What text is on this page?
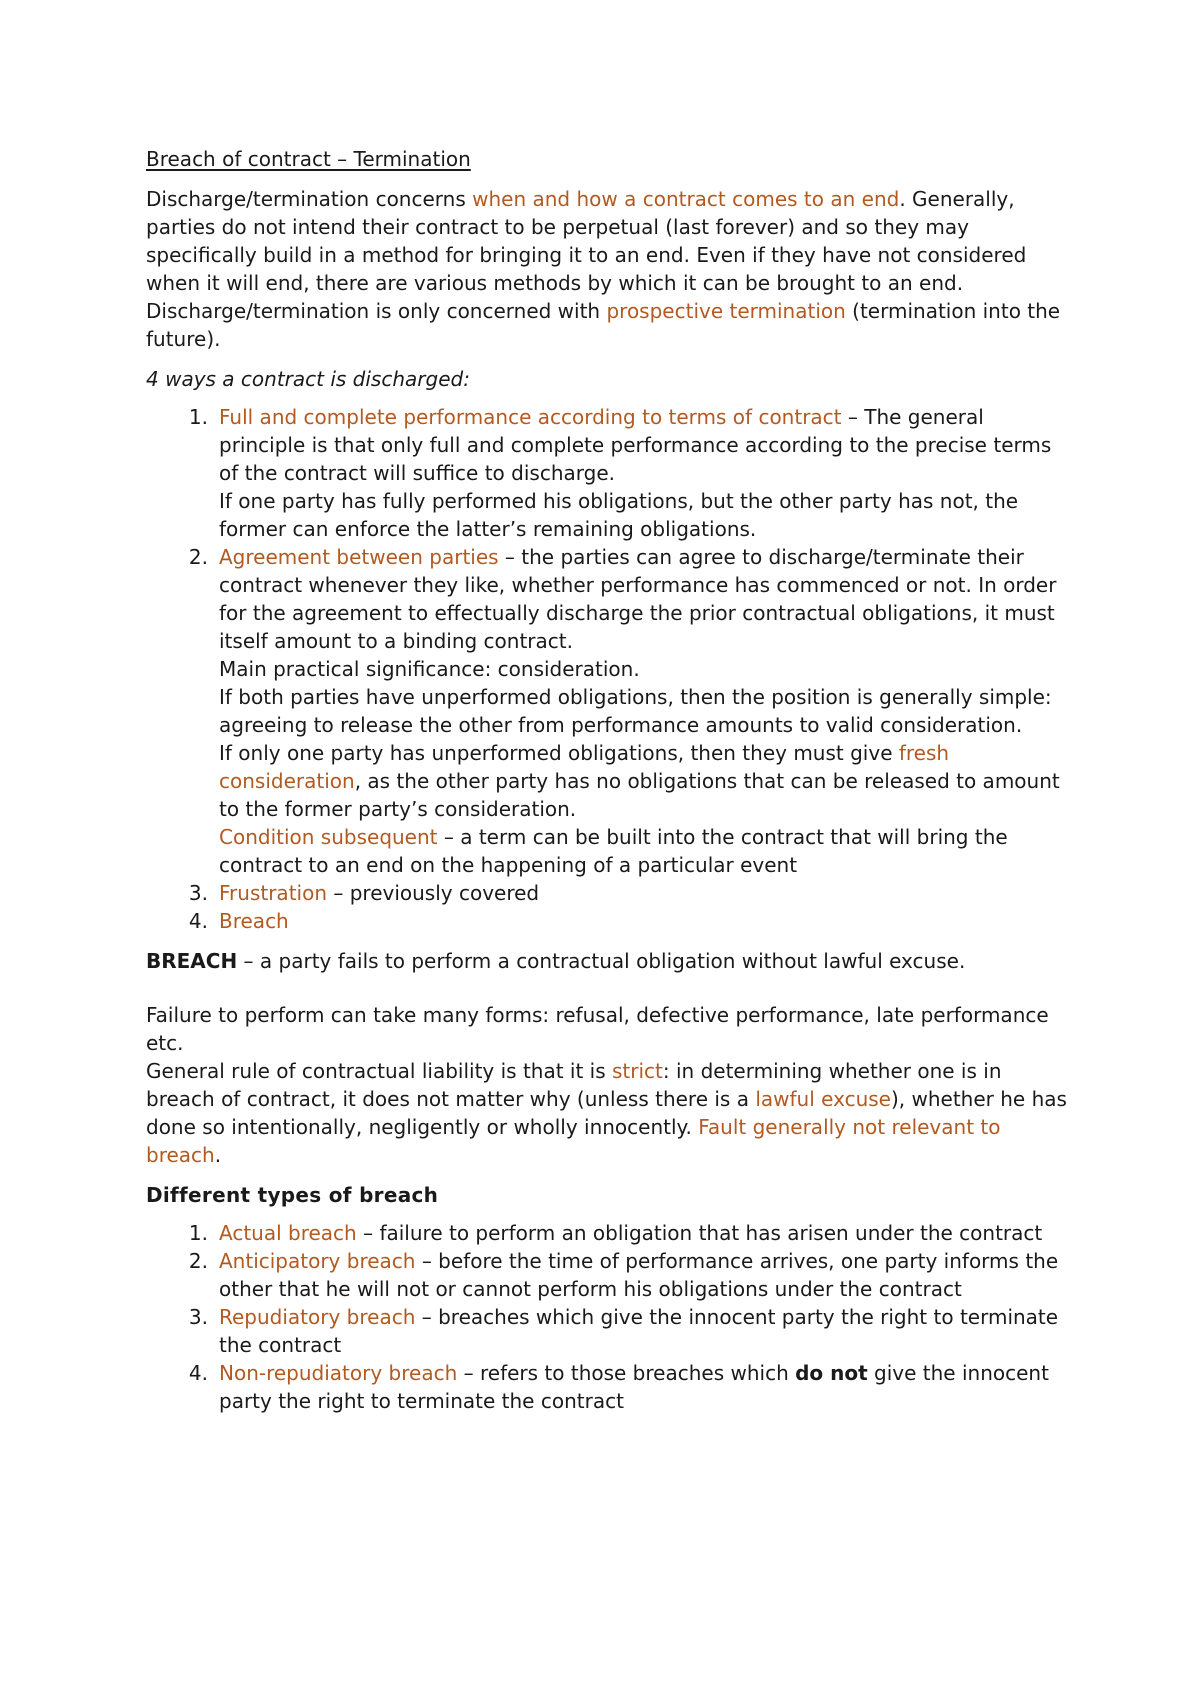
Breach of contract – Termination

Discharge/termination concerns when and how a contract comes to an end. Generally, parties do not intend their contract to be perpetual (last forever) and so they may specifically build in a method for bringing it to an end. Even if they have not considered when it will end, there are various methods by which it can be brought to an end. Discharge/termination is only concerned with prospective termination (termination into the future).

4 ways a contract is discharged:

1. Full and complete performance according to terms of contract – The general principle is that only full and complete performance according to the precise terms of the contract will suffice to discharge.
If one party has fully performed his obligations, but the other party has not, the former can enforce the latter’s remaining obligations.
2. Agreement between parties – the parties can agree to discharge/terminate their contract whenever they like, whether performance has commenced or not. In order for the agreement to effectually discharge the prior contractual obligations, it must itself amount to a binding contract.
Main practical significance: consideration.
If both parties have unperformed obligations, then the position is generally simple: agreeing to release the other from performance amounts to valid consideration.
If only one party has unperformed obligations, then they must give fresh consideration, as the other party has no obligations that can be released to amount to the former party’s consideration.
Condition subsequent – a term can be built into the contract that will bring the contract to an end on the happening of a particular event
3. Frustration – previously covered
4. Breach

BREACH – a party fails to perform a contractual obligation without lawful excuse.

Failure to perform can take many forms: refusal, defective performance, late performance etc.

General rule of contractual liability is that it is strict: in determining whether one is in breach of contract, it does not matter why (unless there is a lawful excuse), whether he has done so intentionally, negligently or wholly innocently. Fault generally not relevant to breach.

Different types of breach

1. Actual breach – failure to perform an obligation that has arisen under the contract
2. Anticipatory breach – before the time of performance arrives, one party informs the other that he will not or cannot perform his obligations under the contract
3. Repudiatory breach – breaches which give the innocent party the right to terminate the contract
4. Non-repudiatory breach – refers to those breaches which do not give the innocent party the right to terminate the contract
